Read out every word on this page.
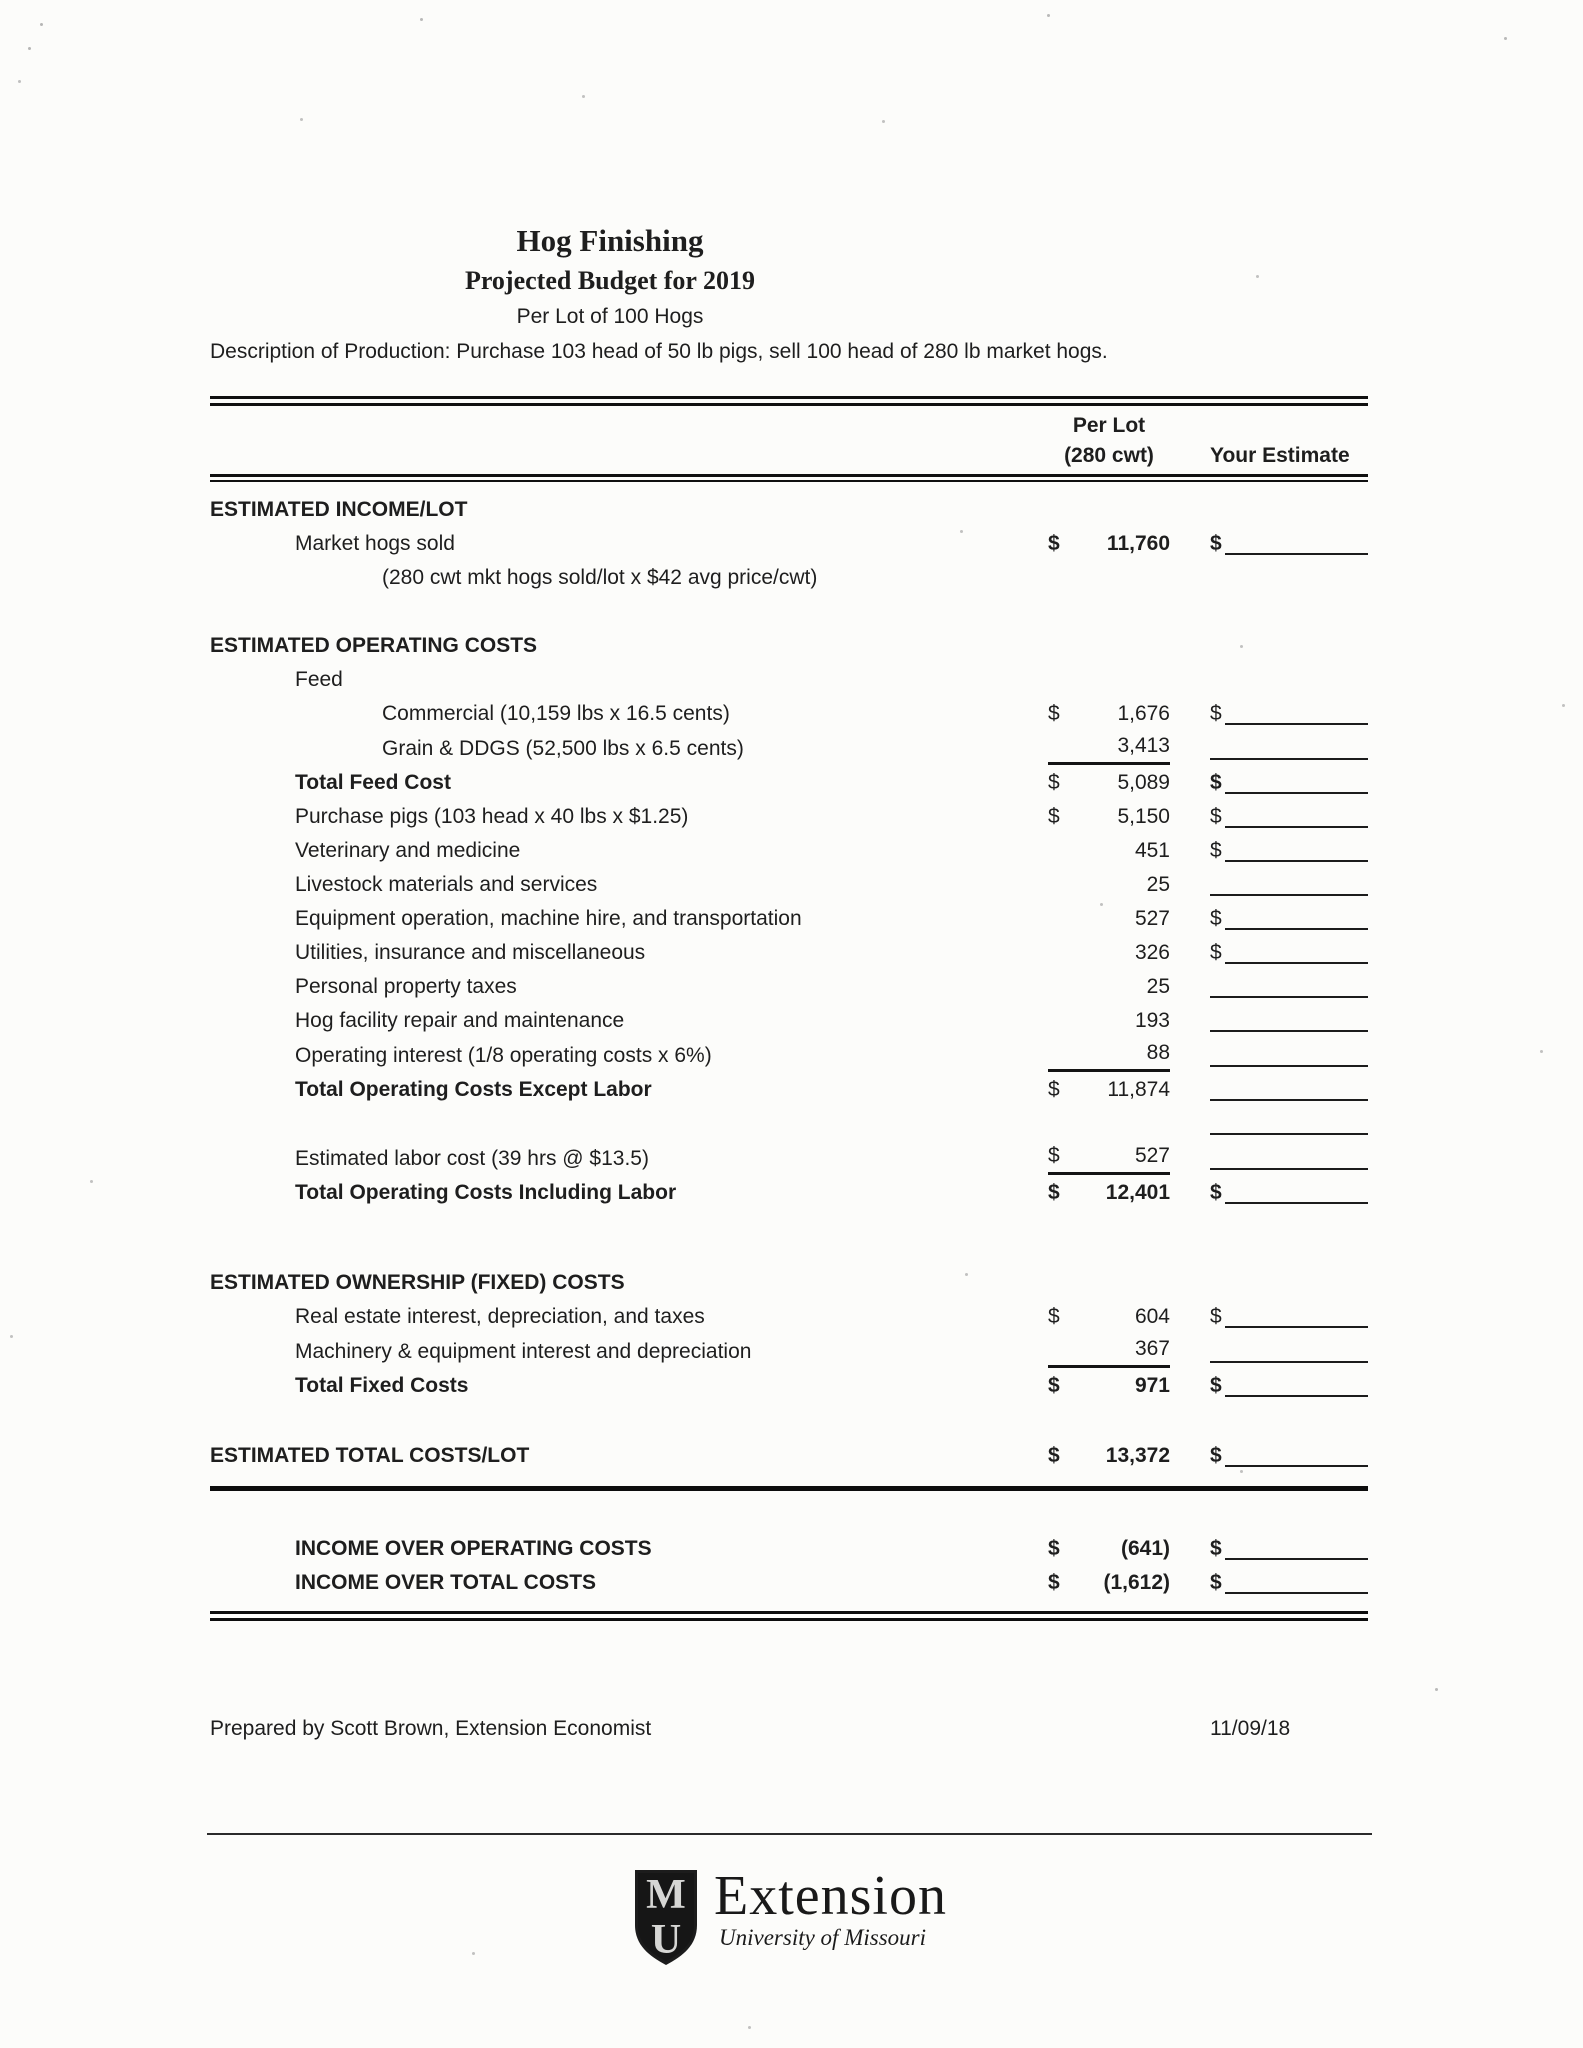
Hog Finishing
Projected Budget for 2019
Per Lot of 100 Hogs
Description of Production: Purchase 103 head of 50 lb pigs, sell 100 head of 280 lb market hogs.
Per Lot
(280 cwt)	Your Estimate
ESTIMATED INCOME/LOT
Market hogs sold	$ 11,760 $
(280 cwt mkt hogs sold/lot x $42 avg price/cwt)
ESTIMATED OPERATING COSTS
Feed
Commercial (10,159 lbs x 16.5 cents)	$	1,676 $
Grain & DDGS (52,500 lbs x 6.5 cents)	3,413
Total Feed Cost	$	5,089 $
Purchase pigs (103 head x 40 lbs x $1.25)	$	5,150 $
Veterinary and medicine	451 $
Livestock materials and services	25
Equipment operation, machine hire, and transportation	527 $
Utilities, insurance and miscellaneous	326 $
Personal property taxes	25
Hog facility repair and maintenance	193
Operating interest (1/8 operating costs x 6%)	88
Total Operating Costs Except Labor	$ 11,874
Estimated labor cost (39 hrs @ $13.5)	$	527
Total Operating Costs Including Labor	$ 12,401 $
ESTIMATED OWNERSHIP (FIXED) COSTS
Real estate interest, depreciation, and taxes	$	604 $
Machinery & equipment interest and depreciation	367
Total Fixed Costs	$	971 $
ESTIMATED TOTAL COSTS/LOT	$ 13,372 $
INCOME OVER OPERATING COSTS	$	(641) $
INCOME OVER TOTAL COSTS	$ (1,612) $
Prepared by Scott Brown, Extension Economist	11/09/18
M
U
Extension
University of Missouri
